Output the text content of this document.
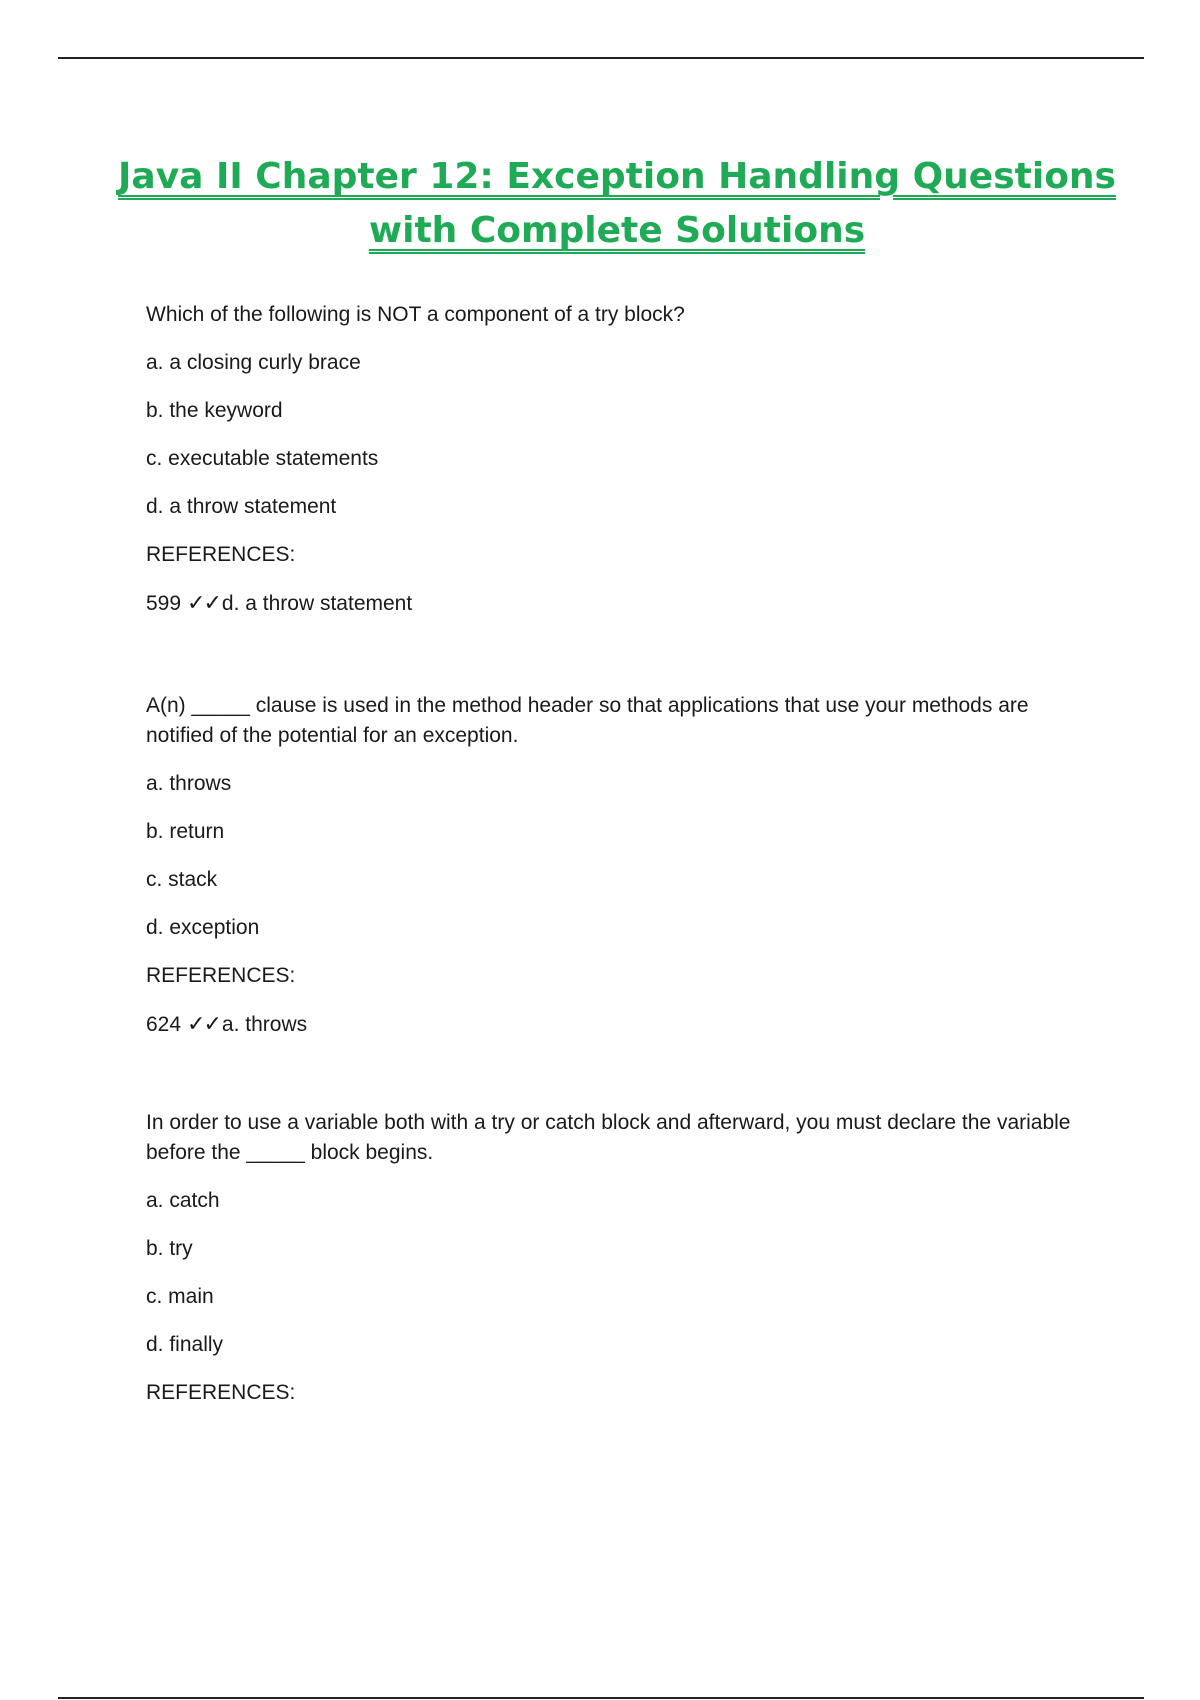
Java II Chapter 12: Exception Handling Questions
with Complete Solutions

Which of the following is NOT a component of a try block?

a. a closing curly brace

b. the keyword

c. executable statements

d. a throw statement

REFERENCES:

599 ✓✓d. a throw statement

A(n) _____ clause is used in the method header so that applications that use your methods are notified of the potential for an exception.

a. throws

b. return

c. stack

d. exception

REFERENCES:

624 ✓✓a. throws

In order to use a variable both with a try or catch block and afterward, you must declare the variable before the _____ block begins.

a. catch

b. try

c. main

d. finally

REFERENCES:
